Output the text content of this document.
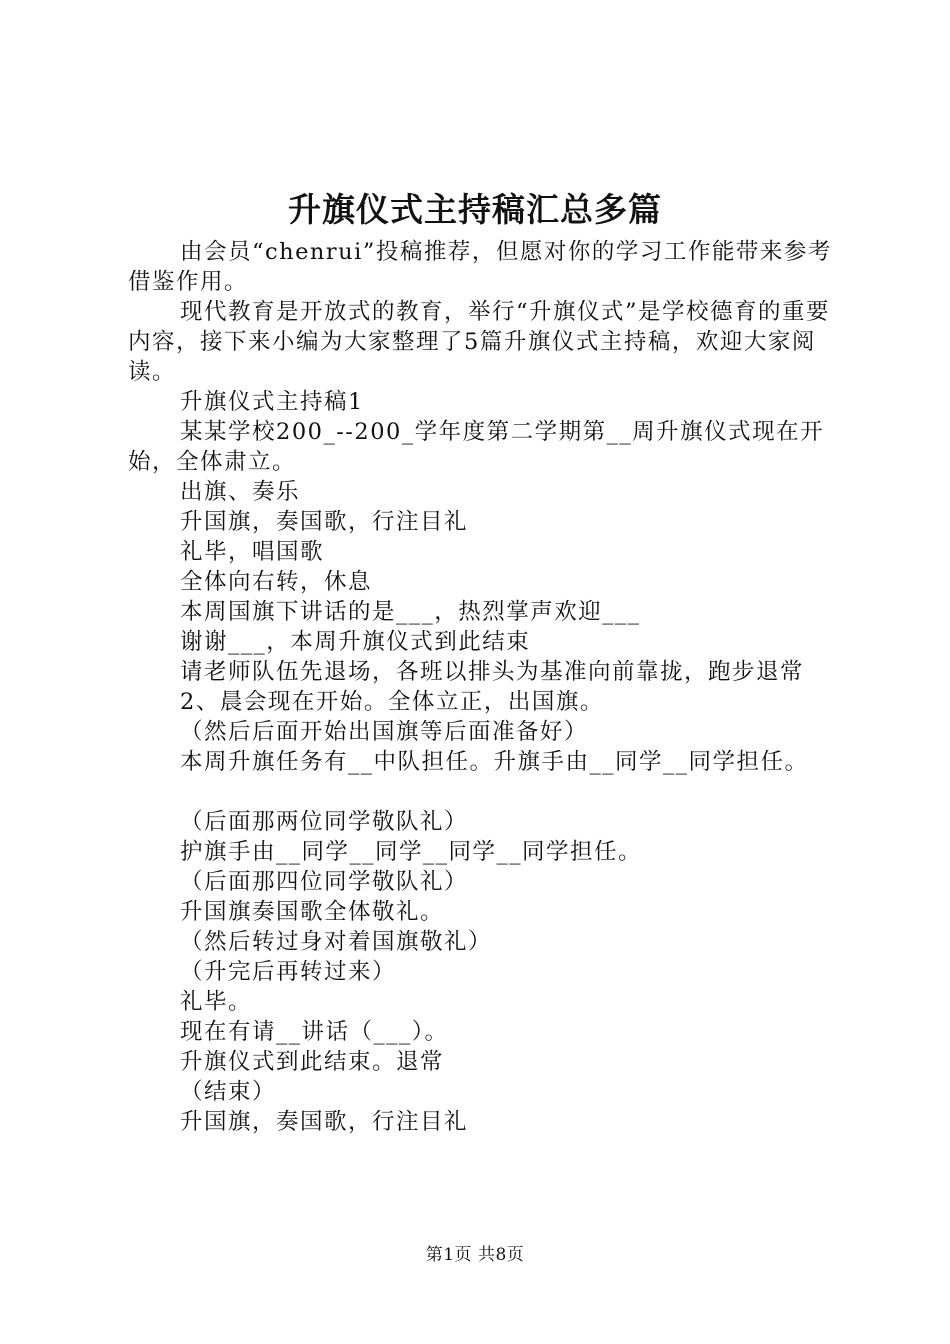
升旗仪式主持稿汇总多篇

由会员“chenrui”投稿推荐，但愿对你的学习工作能带来参考借鉴作用。

现代教育是开放式的教育，举行“升旗仪式”是学校德育的重要内容，接下来小编为大家整理了5篇升旗仪式主持稿，欢迎大家阅读。

升旗仪式主持稿1

某某学校200_--200_学年度第二学期第__周升旗仪式现在开始，全体肃立。

出旗、奏乐

升国旗，奏国歌，行注目礼

礼毕，唱国歌

全体向右转，休息

本周国旗下讲话的是___，热烈掌声欢迎___

谢谢___，本周升旗仪式到此结束

请老师队伍先退场，各班以排头为基准向前靠拢，跑步退常

2、晨会现在开始。全体立正，出国旗。

（然后后面开始出国旗等后面准备好）

本周升旗任务有__中队担任。升旗手由__同学__同学担任。

（后面那两位同学敬队礼）

护旗手由__同学__同学__同学__同学担任。

（后面那四位同学敬队礼）

升国旗奏国歌全体敬礼。

（然后转过身对着国旗敬礼）

（升完后再转过来）

礼毕。

现在有请__讲话（___）。

升旗仪式到此结束。退常

（结束）

升国旗，奏国歌，行注目礼

第1页 共8页
